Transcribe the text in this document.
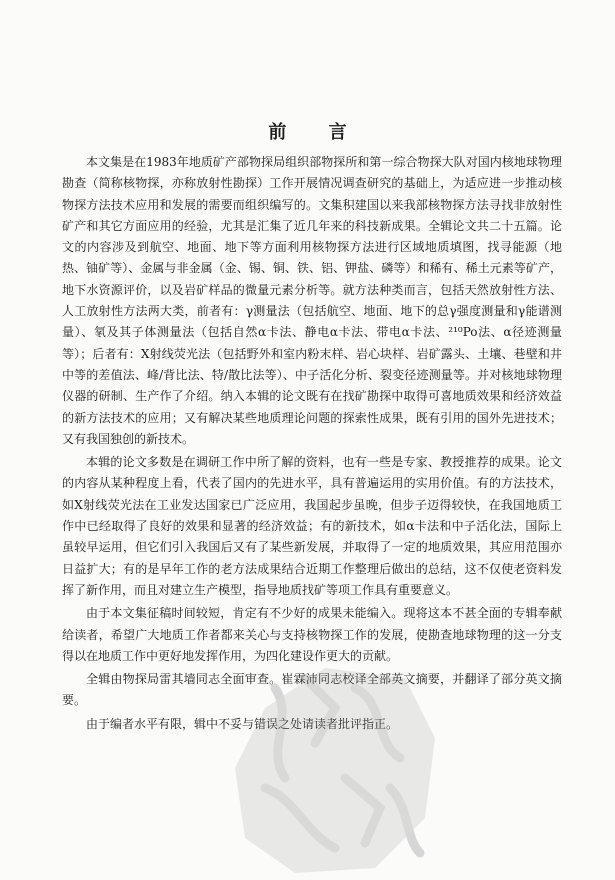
前 言

本文集是在1983年地质矿产部物探局组织部物探所和第一综合物探大队对国内核地球物理勘查（简称核物探，亦称放射性勘探）工作开展情况调查研究的基础上，为适应进一步推动核物探方法技术应用和发展的需要而组织编写的。文集积建国以来我部核物探方法寻找非放射性矿产和其它方面应用的经验，尤其是汇集了近几年来的科技新成果。全辑论文共二十五篇。论文的内容涉及到航空、地面、地下等方面利用核物探方法进行区域地质填图，找寻能源（地热、铀矿等）、金属与非金属（金、锡、铜、铁、铝、钾盐、磷等）和稀有、稀土元素等矿产，地下水资源评价，以及岩矿样品的微量元素分析等。就方法种类而言，包括天然放射性方法、人工放射性方法两大类，前者有：γ测量法（包括航空、地面、地下的总γ强度测量和γ能谱测量）、氡及其子体测量法（包括自然α卡法、静电α卡法、带电α卡法、²¹⁰Po法、α径迹测量等）；后者有：X射线荧光法（包括野外和室内粉末样、岩心块样、岩矿露头、土壤、巷壁和井中等的差值法、峰/背比法、特/散比法等）、中子活化分析、裂变径迹测量等。并对核地球物理仪器的研制、生产作了介绍。纳入本辑的论文既有在找矿勘探中取得可喜地质效果和经济效益的新方法技术的应用；又有解决某些地质理论问题的探索性成果，既有引用的国外先进技术；又有我国独创的新技术。

本辑的论文多数是在调研工作中所了解的资料，也有一些是专家、教授推荐的成果。论文的内容从某种程度上看，代表了国内的先进水平，具有普遍运用的实用价值。有的方法技术，如X射线荧光法在工业发达国家已广泛应用，我国起步虽晚，但步子迈得较快，在我国地质工作中已经取得了良好的效果和显著的经济效益；有的新技术，如α卡法和中子活化法，国际上虽较早运用，但它们引入我国后又有了某些新发展，并取得了一定的地质效果，其应用范围亦日益扩大；有的是早年工作的老方法成果结合近期工作整理后做出的总结，这不仅使老资料发挥了新作用，而且对建立生产模型，指导地质找矿等项工作具有重要意义。

由于本文集征稿时间较短，肯定有不少好的成果未能编入。现将这本不甚全面的专辑奉献给读者，希望广大地质工作者都来关心与支持核物探工作的发展，使勘查地球物理的这一分支得以在地质工作中更好地发挥作用，为四化建设作更大的贡献。

全辑由物探局雷其墙同志全面审查。崔霖沛同志校译全部英文摘要，并翻译了部分英文摘要。

由于编者水平有限，辑中不妥与错误之处请读者批评指正。
